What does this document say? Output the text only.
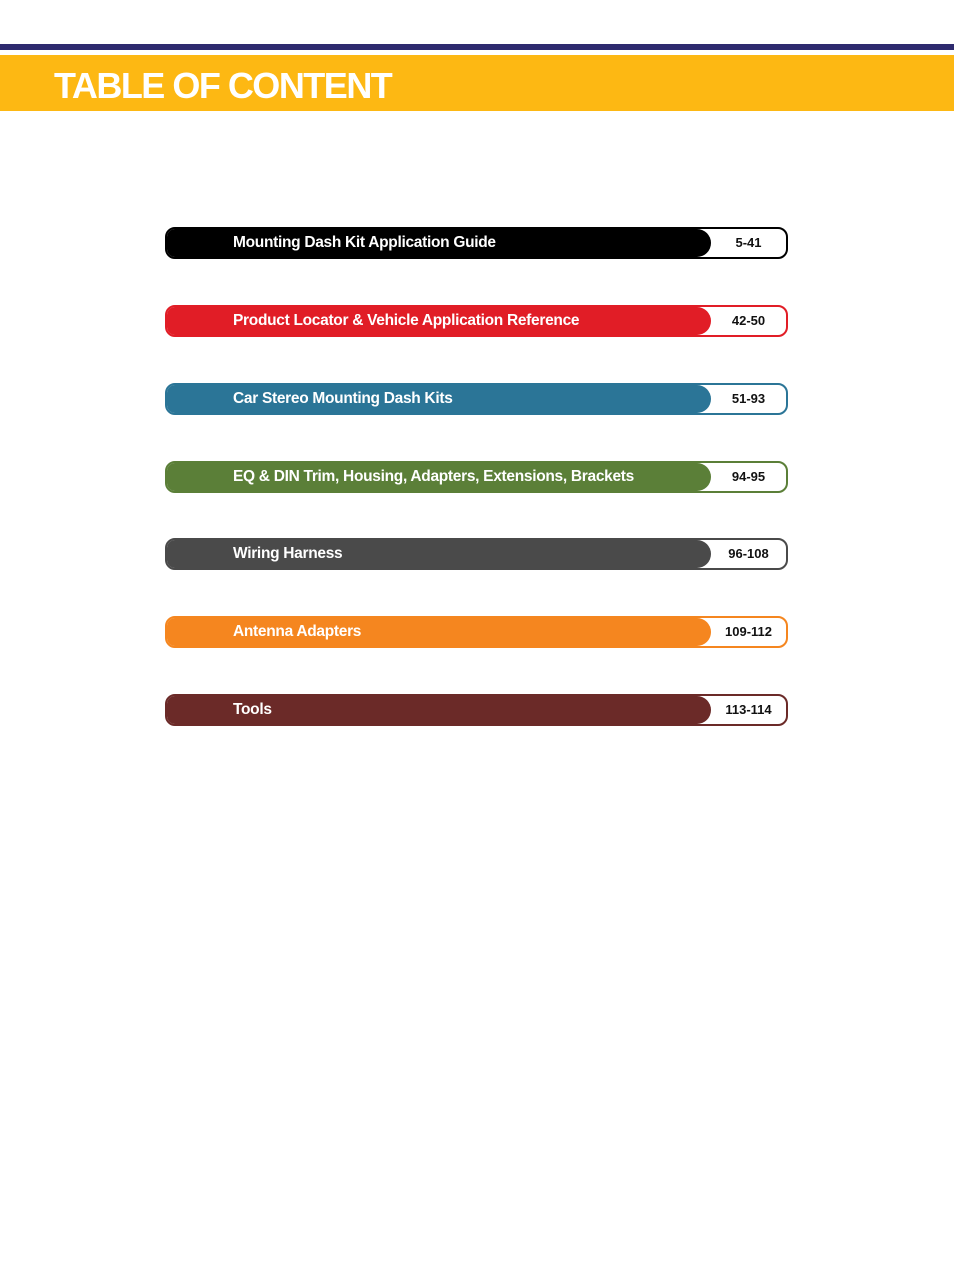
TABLE OF CONTENT
Mounting Dash Kit Application Guide	5-41
Product Locator & Vehicle Application Reference	42-50
Car Stereo Mounting Dash Kits	51-93
EQ & DIN Trim, Housing, Adapters, Extensions, Brackets	94-95
Wiring Harness	96-108
Antenna Adapters	109-112
Tools	113-114
